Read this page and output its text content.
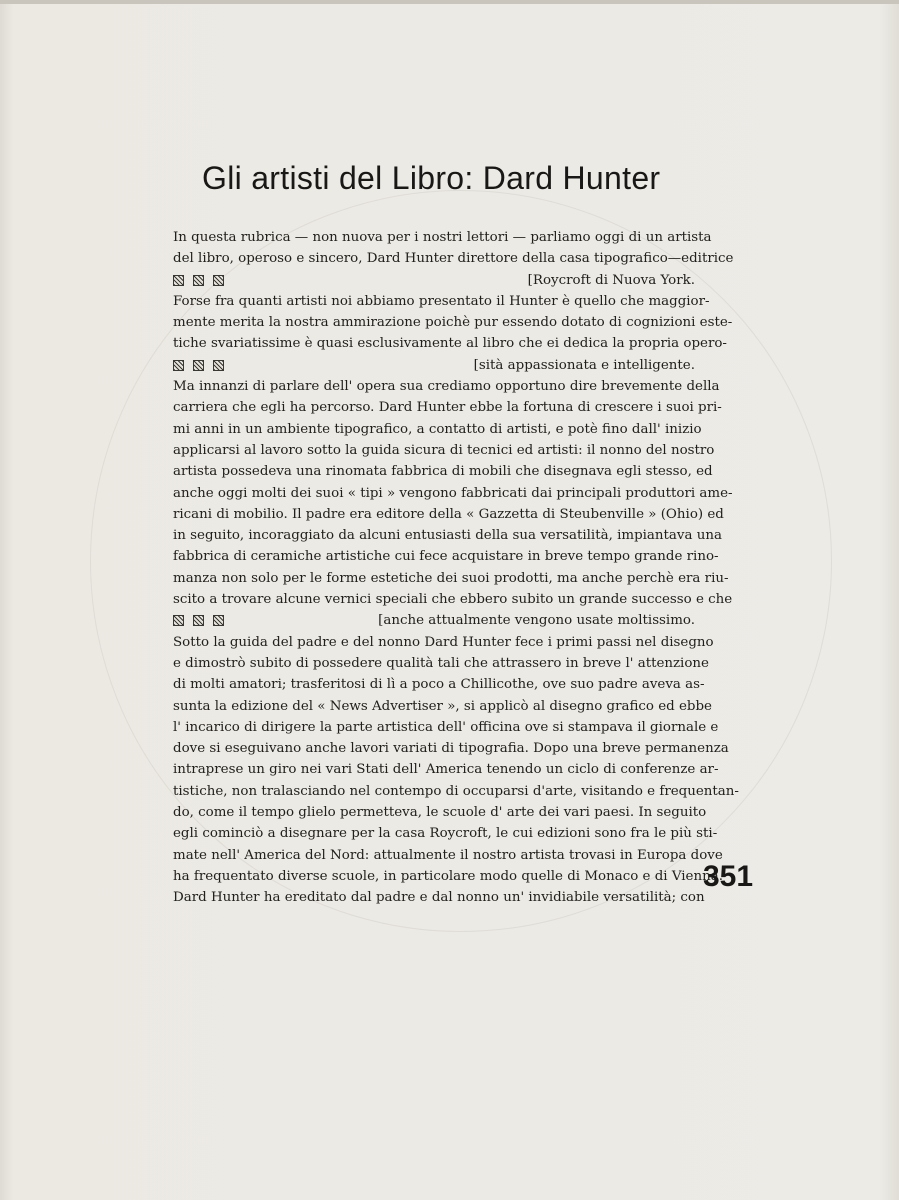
Gli artisti del Libro: Dard Hunter
In questa rubrica — non nuova per i nostri lettori — parliamo oggi di un artista
del libro, operoso e sincero, Dard Hunter direttore della casa tipografico—editrice
[Roycroft di Nuova York.
Forse fra quanti artisti noi abbiamo presentato il Hunter è quello che maggior-
mente merita la nostra ammirazione poichè pur essendo dotato di cognizioni este-
tiche svariatissime è quasi esclusivamente al libro che ei dedica la propria opero-
[sità appassionata e intelligente.
Ma innanzi di parlare dell' opera sua crediamo opportuno dire brevemente della
carriera che egli ha percorso. Dard Hunter ebbe la fortuna di crescere i suoi pri-
mi anni in un ambiente tipografico, a contatto di artisti, e potè fino dall' inizio
applicarsi al lavoro sotto la guida sicura di tecnici ed artisti: il nonno del nostro
artista possedeva una rinomata fabbrica di mobili che disegnava egli stesso, ed
anche oggi molti dei suoi « tipi » vengono fabbricati dai principali produttori ame-
ricani di mobilio. Il padre era editore della « Gazzetta di Steubenville » (Ohio) ed
in seguito, incoraggiato da alcuni entusiasti della sua versatilità, impiantava una
fabbrica di ceramiche artistiche cui fece acquistare in breve tempo grande rino-
manza non solo per le forme estetiche dei suoi prodotti, ma anche perchè era riu-
scito a trovare alcune vernici speciali che ebbero subito un grande successo e che
[anche attualmente vengono usate moltissimo.
Sotto la guida del padre e del nonno Dard Hunter fece i primi passi nel disegno
e dimostrò subito di possedere qualità tali che attrassero in breve l' attenzione
di molti amatori; trasferitosi di lì a poco a Chillicothe, ove suo padre aveva as-
sunta la edizione del « News Advertiser », si applicò al disegno grafico ed ebbe
l' incarico di dirigere la parte artistica dell' officina ove si stampava il giornale e
dove si eseguivano anche lavori variati di tipografia. Dopo una breve permanenza
intraprese un giro nei vari Stati dell' America tenendo un ciclo di conferenze ar-
tistiche, non tralasciando nel contempo di occuparsi d'arte, visitando e frequentan-
do, come il tempo glielo permetteva, le scuole d' arte dei vari paesi. In seguito
egli cominciò a disegnare per la casa Roycroft, le cui edizioni sono fra le più sti-
mate nell' America del Nord: attualmente il nostro artista trovasi in Europa dove
ha frequentato diverse scuole, in particolare modo quelle di Monaco e di Vienna.
Dard Hunter ha ereditato dal padre e dal nonno un' invidiabile versatilità; con
351
